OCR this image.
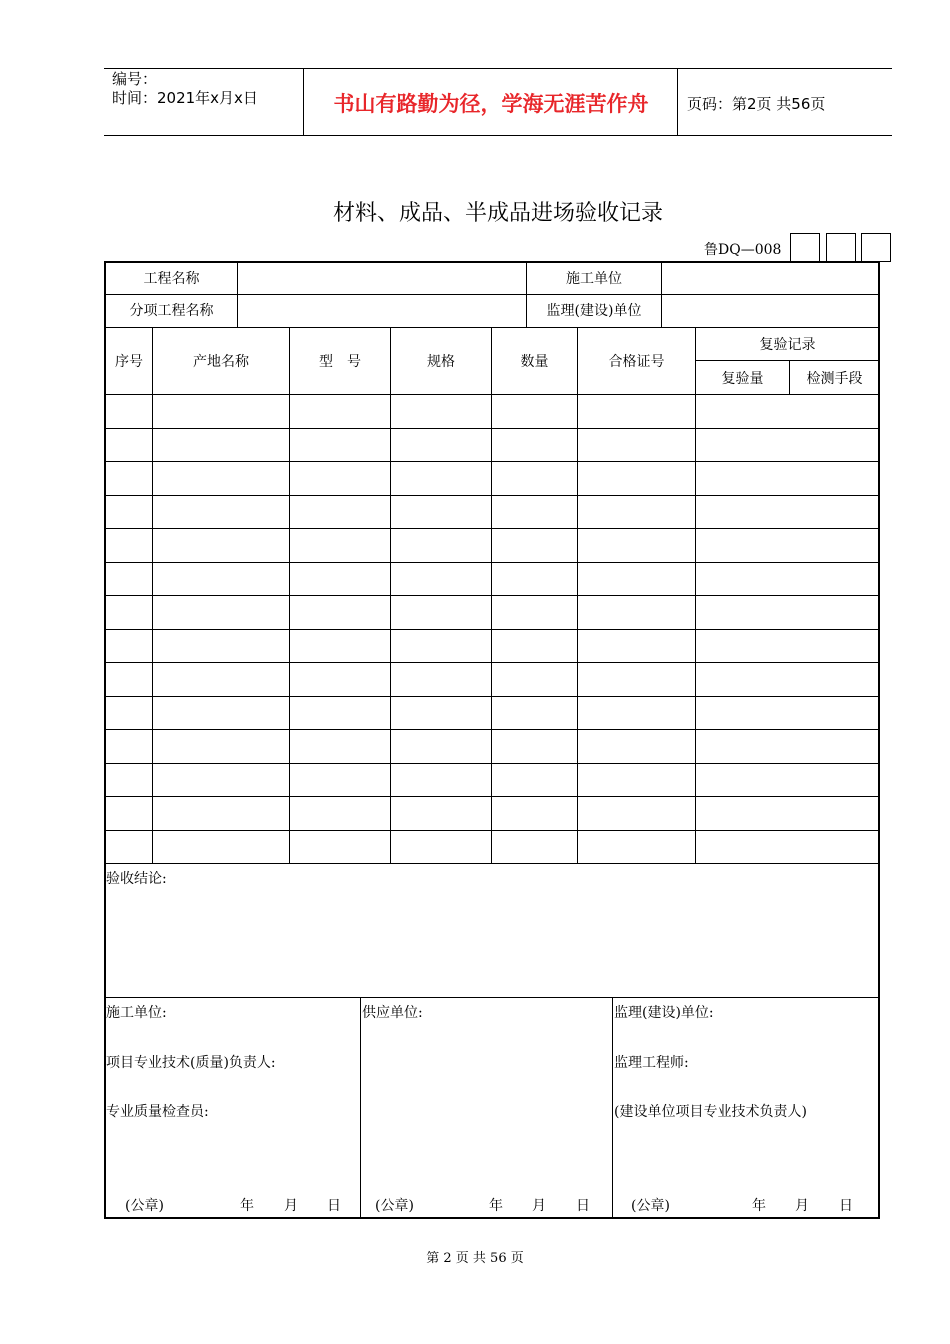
编号：
时间：2021年x月x日	书山有路勤为径，学海无涯苦作舟	页码：第2页 共56页
材料、成品、半成品进场验收记录
鲁DQ—008
工程名称	施工单位
分项工程名称	监理(建设)单位
序号	产地名称	型　号	规格	数量	合格证号
复验记录
复验量	检测手段
验收结论:
施工单位:
项目专业技术(质量)负责人:
专业质量检查员:
(公章)	年 月 日
供应单位:
(公章)	年 月 日
监理(建设)单位:
监理工程师:
(建设单位项目专业技术负责人)
(公章)	年 月 日
第 2 页 共 56 页
